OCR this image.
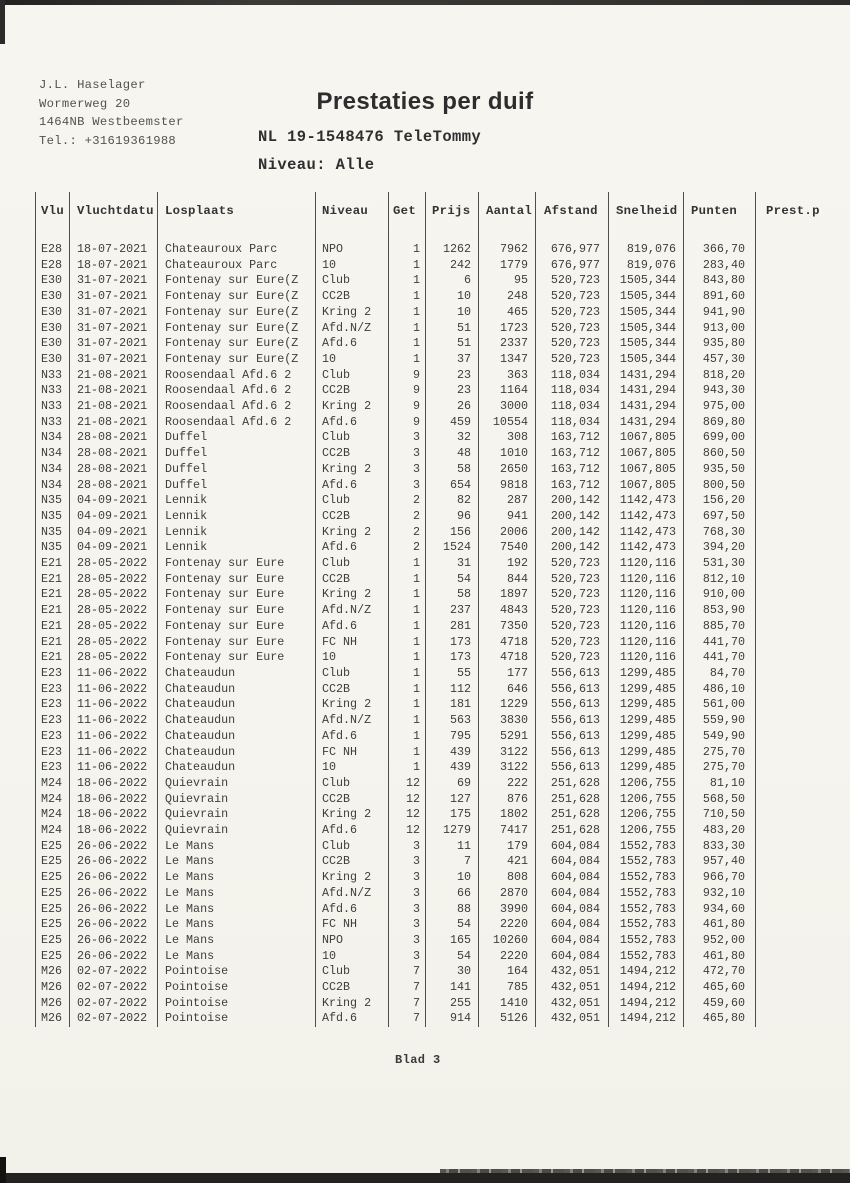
J.L. Haselager
Wormerweg 20
1464NB Westbeemster
Tel.: +31619361988
Prestaties per duif
NL 19-1548476 TeleTommy
Niveau: Alle
Vlu	Vluchtdatu	Losplaats	Niveau	Get	Prijs	Aantal	Afstand	Snelheid	Punten	Prest.p
E28	18-07-2021	Chateauroux Parc	NPO	1	1262	7962	676,977	819,076	366,70	
E28	18-07-2021	Chateauroux Parc	10	1	242	1779	676,977	819,076	283,40	
E30	31-07-2021	Fontenay sur Eure(Z	Club	1	6	95	520,723	1505,344	843,80	
E30	31-07-2021	Fontenay sur Eure(Z	CC2B	1	10	248	520,723	1505,344	891,60	
E30	31-07-2021	Fontenay sur Eure(Z	Kring 2	1	10	465	520,723	1505,344	941,90	
E30	31-07-2021	Fontenay sur Eure(Z	Afd.N/Z	1	51	1723	520,723	1505,344	913,00	
E30	31-07-2021	Fontenay sur Eure(Z	Afd.6	1	51	2337	520,723	1505,344	935,80	
E30	31-07-2021	Fontenay sur Eure(Z	10	1	37	1347	520,723	1505,344	457,30	
N33	21-08-2021	Roosendaal Afd.6 2	Club	9	23	363	118,034	1431,294	818,20	
N33	21-08-2021	Roosendaal Afd.6 2	CC2B	9	23	1164	118,034	1431,294	943,30	
N33	21-08-2021	Roosendaal Afd.6 2	Kring 2	9	26	3000	118,034	1431,294	975,00	
N33	21-08-2021	Roosendaal Afd.6 2	Afd.6	9	459	10554	118,034	1431,294	869,80	
N34	28-08-2021	Duffel	Club	3	32	308	163,712	1067,805	699,00	
N34	28-08-2021	Duffel	CC2B	3	48	1010	163,712	1067,805	860,50	
N34	28-08-2021	Duffel	Kring 2	3	58	2650	163,712	1067,805	935,50	
N34	28-08-2021	Duffel	Afd.6	3	654	9818	163,712	1067,805	800,50	
N35	04-09-2021	Lennik	Club	2	82	287	200,142	1142,473	156,20	
N35	04-09-2021	Lennik	CC2B	2	96	941	200,142	1142,473	697,50	
N35	04-09-2021	Lennik	Kring 2	2	156	2006	200,142	1142,473	768,30	
N35	04-09-2021	Lennik	Afd.6	2	1524	7540	200,142	1142,473	394,20	
E21	28-05-2022	Fontenay sur Eure	Club	1	31	192	520,723	1120,116	531,30	
E21	28-05-2022	Fontenay sur Eure	CC2B	1	54	844	520,723	1120,116	812,10	
E21	28-05-2022	Fontenay sur Eure	Kring 2	1	58	1897	520,723	1120,116	910,00	
E21	28-05-2022	Fontenay sur Eure	Afd.N/Z	1	237	4843	520,723	1120,116	853,90	
E21	28-05-2022	Fontenay sur Eure	Afd.6	1	281	7350	520,723	1120,116	885,70	
E21	28-05-2022	Fontenay sur Eure	FC NH	1	173	4718	520,723	1120,116	441,70	
E21	28-05-2022	Fontenay sur Eure	10	1	173	4718	520,723	1120,116	441,70	
E23	11-06-2022	Chateaudun	Club	1	55	177	556,613	1299,485	84,70	
E23	11-06-2022	Chateaudun	CC2B	1	112	646	556,613	1299,485	486,10	
E23	11-06-2022	Chateaudun	Kring 2	1	181	1229	556,613	1299,485	561,00	
E23	11-06-2022	Chateaudun	Afd.N/Z	1	563	3830	556,613	1299,485	559,90	
E23	11-06-2022	Chateaudun	Afd.6	1	795	5291	556,613	1299,485	549,90	
E23	11-06-2022	Chateaudun	FC NH	1	439	3122	556,613	1299,485	275,70	
E23	11-06-2022	Chateaudun	10	1	439	3122	556,613	1299,485	275,70	
M24	18-06-2022	Quievrain	Club	12	69	222	251,628	1206,755	81,10	
M24	18-06-2022	Quievrain	CC2B	12	127	876	251,628	1206,755	568,50	
M24	18-06-2022	Quievrain	Kring 2	12	175	1802	251,628	1206,755	710,50	
M24	18-06-2022	Quievrain	Afd.6	12	1279	7417	251,628	1206,755	483,20	
E25	26-06-2022	Le Mans	Club	3	11	179	604,084	1552,783	833,30	
E25	26-06-2022	Le Mans	CC2B	3	7	421	604,084	1552,783	957,40	
E25	26-06-2022	Le Mans	Kring 2	3	10	808	604,084	1552,783	966,70	
E25	26-06-2022	Le Mans	Afd.N/Z	3	66	2870	604,084	1552,783	932,10	
E25	26-06-2022	Le Mans	Afd.6	3	88	3990	604,084	1552,783	934,60	
E25	26-06-2022	Le Mans	FC NH	3	54	2220	604,084	1552,783	461,80	
E25	26-06-2022	Le Mans	NPO	3	165	10260	604,084	1552,783	952,00	
E25	26-06-2022	Le Mans	10	3	54	2220	604,084	1552,783	461,80	
M26	02-07-2022	Pointoise	Club	7	30	164	432,051	1494,212	472,70	
M26	02-07-2022	Pointoise	CC2B	7	141	785	432,051	1494,212	465,60	
M26	02-07-2022	Pointoise	Kring 2	7	255	1410	432,051	1494,212	459,60	
M26	02-07-2022	Pointoise	Afd.6	7	914	5126	432,051	1494,212	465,80	
Blad 3
